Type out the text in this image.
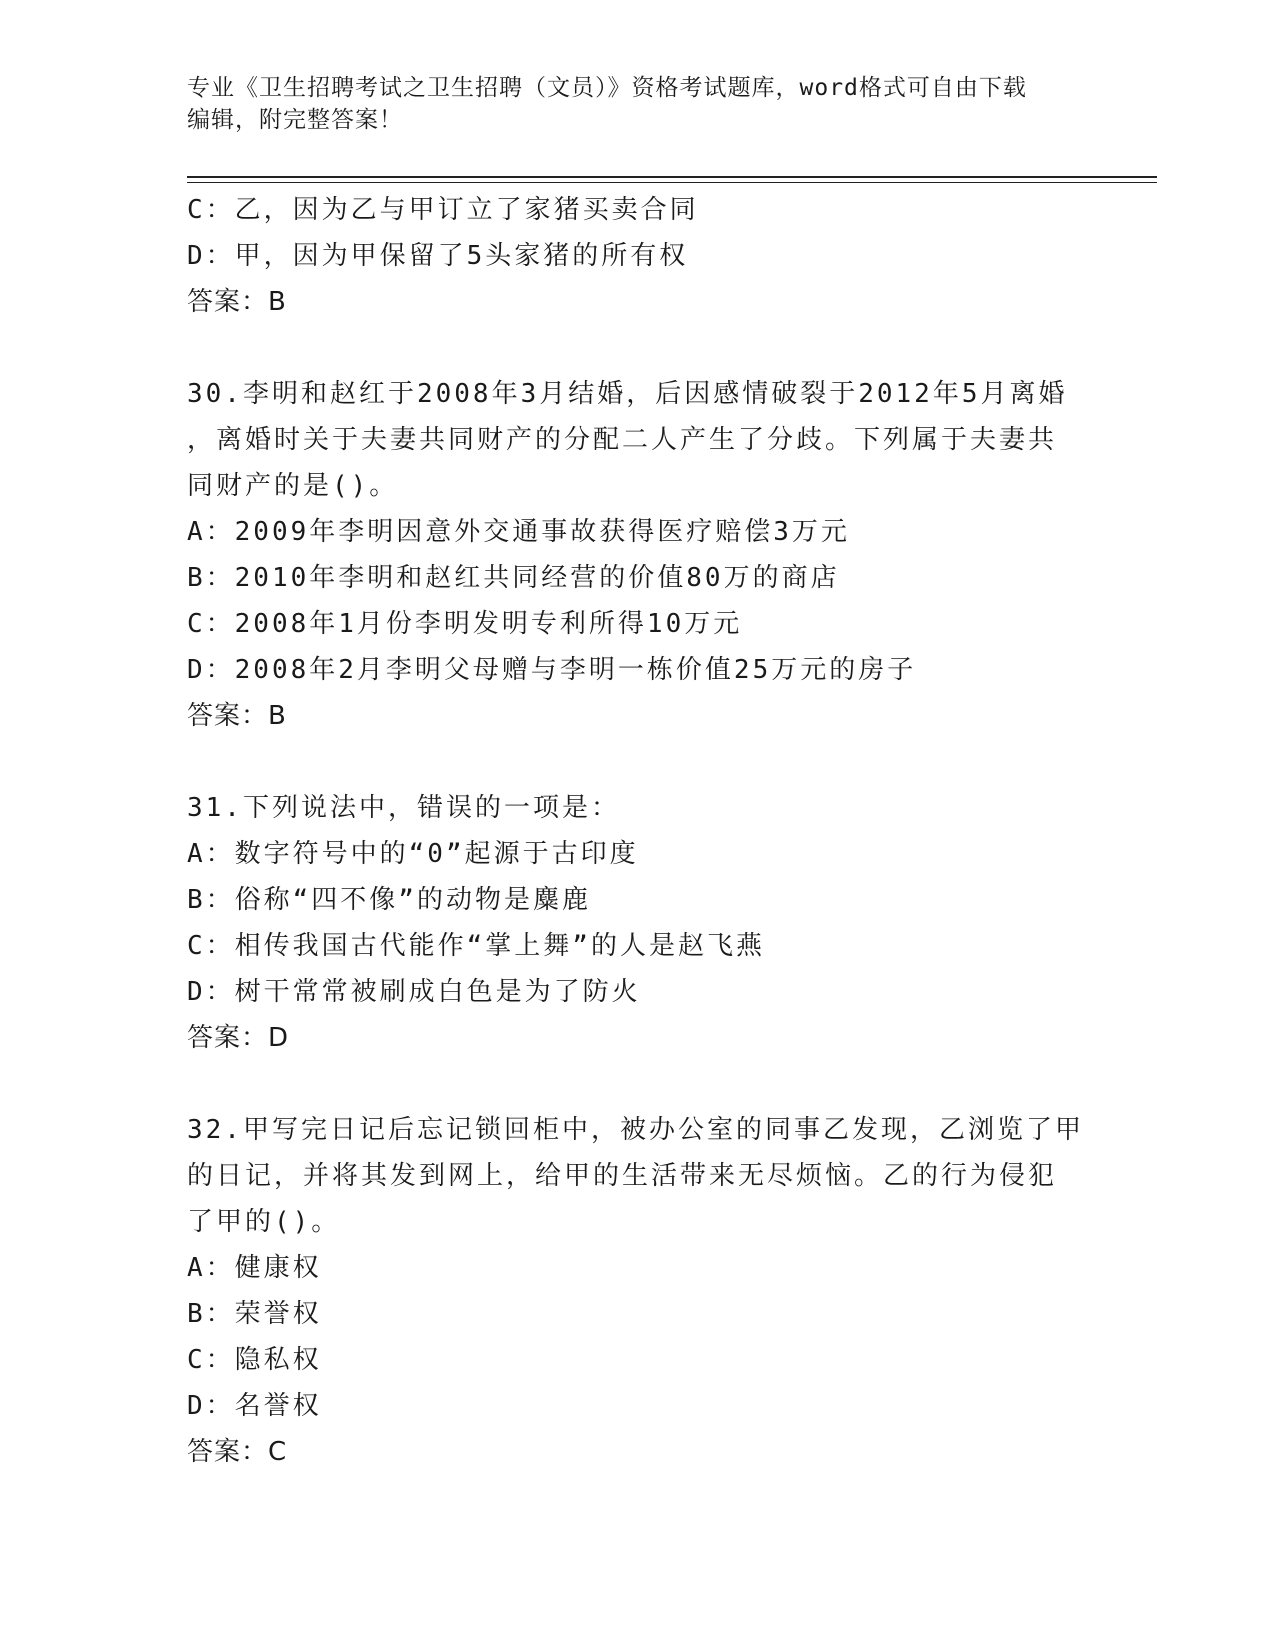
专业《卫生招聘考试之卫生招聘（文员）》资格考试题库，word格式可自由下载
编辑，附完整答案！
C：乙，因为乙与甲订立了家猪买卖合同
D：甲，因为甲保留了5头家猪的所有权
答案：B
30.李明和赵红于2008年3月结婚，后因感情破裂于2012年5月离婚
，离婚时关于夫妻共同财产的分配二人产生了分歧。下列属于夫妻共
同财产的是()。
A：2009年李明因意外交通事故获得医疗赔偿3万元
B：2010年李明和赵红共同经营的价值80万的商店
C：2008年1月份李明发明专利所得10万元
D：2008年2月李明父母赠与李明一栋价值25万元的房子
答案：B
31.下列说法中，错误的一项是：
A：数字符号中的“0”起源于古印度
B：俗称“四不像”的动物是麋鹿
C：相传我国古代能作“掌上舞”的人是赵飞燕
D：树干常常被刷成白色是为了防火
答案：D
32.甲写完日记后忘记锁回柜中，被办公室的同事乙发现，乙浏览了甲
的日记，并将其发到网上，给甲的生活带来无尽烦恼。乙的行为侵犯
了甲的()。
A：健康权
B：荣誉权
C：隐私权
D：名誉权
答案：C
